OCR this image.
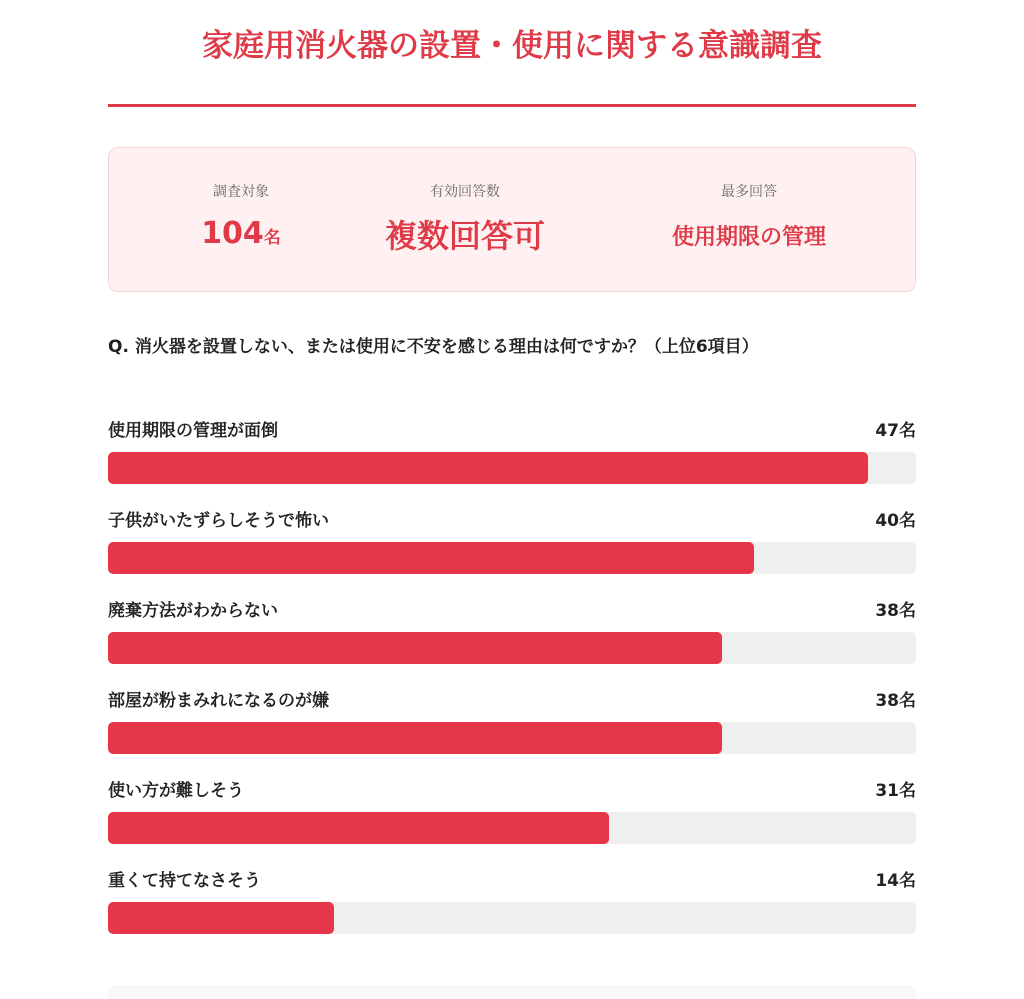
家庭用消火器の設置・使用に関する意識調査
調査対象
104名
有効回答数
複数回答可
最多回答
使用期限の管理
Q. 消火器を設置しない、または使用に不安を感じる理由は何ですか？（上位6項目）
使用期限の管理が面倒	47名
子供がいたずらしそうで怖い	40名
廃棄方法がわからない	38名
部屋が粉まみれになるのが嫌	38名
使い方が難しそう	31名
重くて持てなさそう	14名
